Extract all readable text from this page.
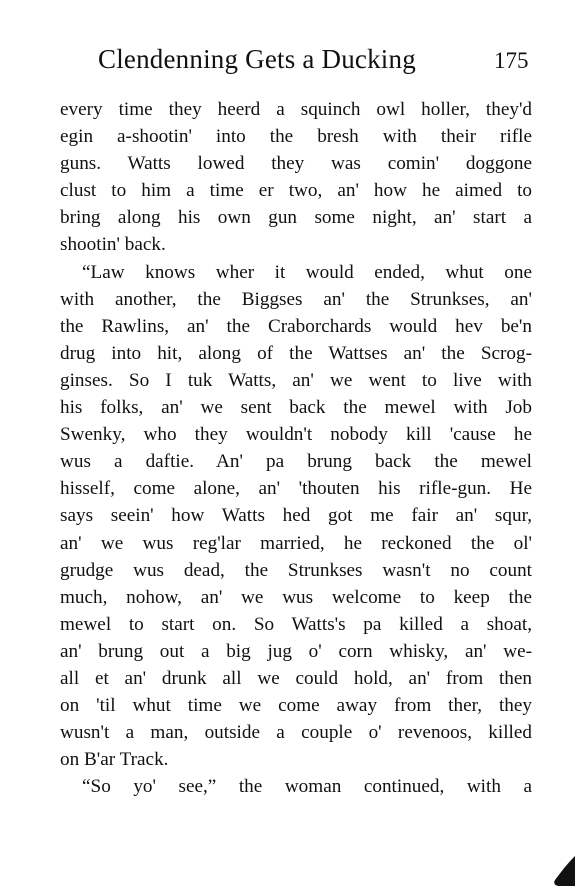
Clendenning Gets a Ducking	175
every time they heerd a squinch owl holler, they'd
egin a-shootin' into the bresh with their rifle
guns. Watts lowed they was comin' doggone
clust to him a time er two, an' how he aimed to
bring along his own gun some night, an' start a
shootin' back.
“Law knows wher it would ended, whut one
with another, the Biggses an' the Strunkses, an'
the Rawlins, an' the Craborchards would hev be'n
drug into hit, along of the Wattses an' the Scrog-
ginses. So I tuk Watts, an' we went to live with
his folks, an' we sent back the mewel with Job
Swenky, who they wouldn't nobody kill 'cause he
wus a daftie. An' pa brung back the mewel
hisself, come alone, an' 'thouten his rifle-gun. He
says seein' how Watts hed got me fair an' squr,
an' we wus reg'lar married, he reckoned the ol'
grudge wus dead, the Strunkses wasn't no count
much, nohow, an' we wus welcome to keep the
mewel to start on. So Watts's pa killed a shoat,
an' brung out a big jug o' corn whisky, an' we-
all et an' drunk all we could hold, an' from then
on 'til whut time we come away from ther, they
wusn't a man, outside a couple o' revenoos, killed
on B'ar Track.
“So yo' see,” the woman continued, with a
